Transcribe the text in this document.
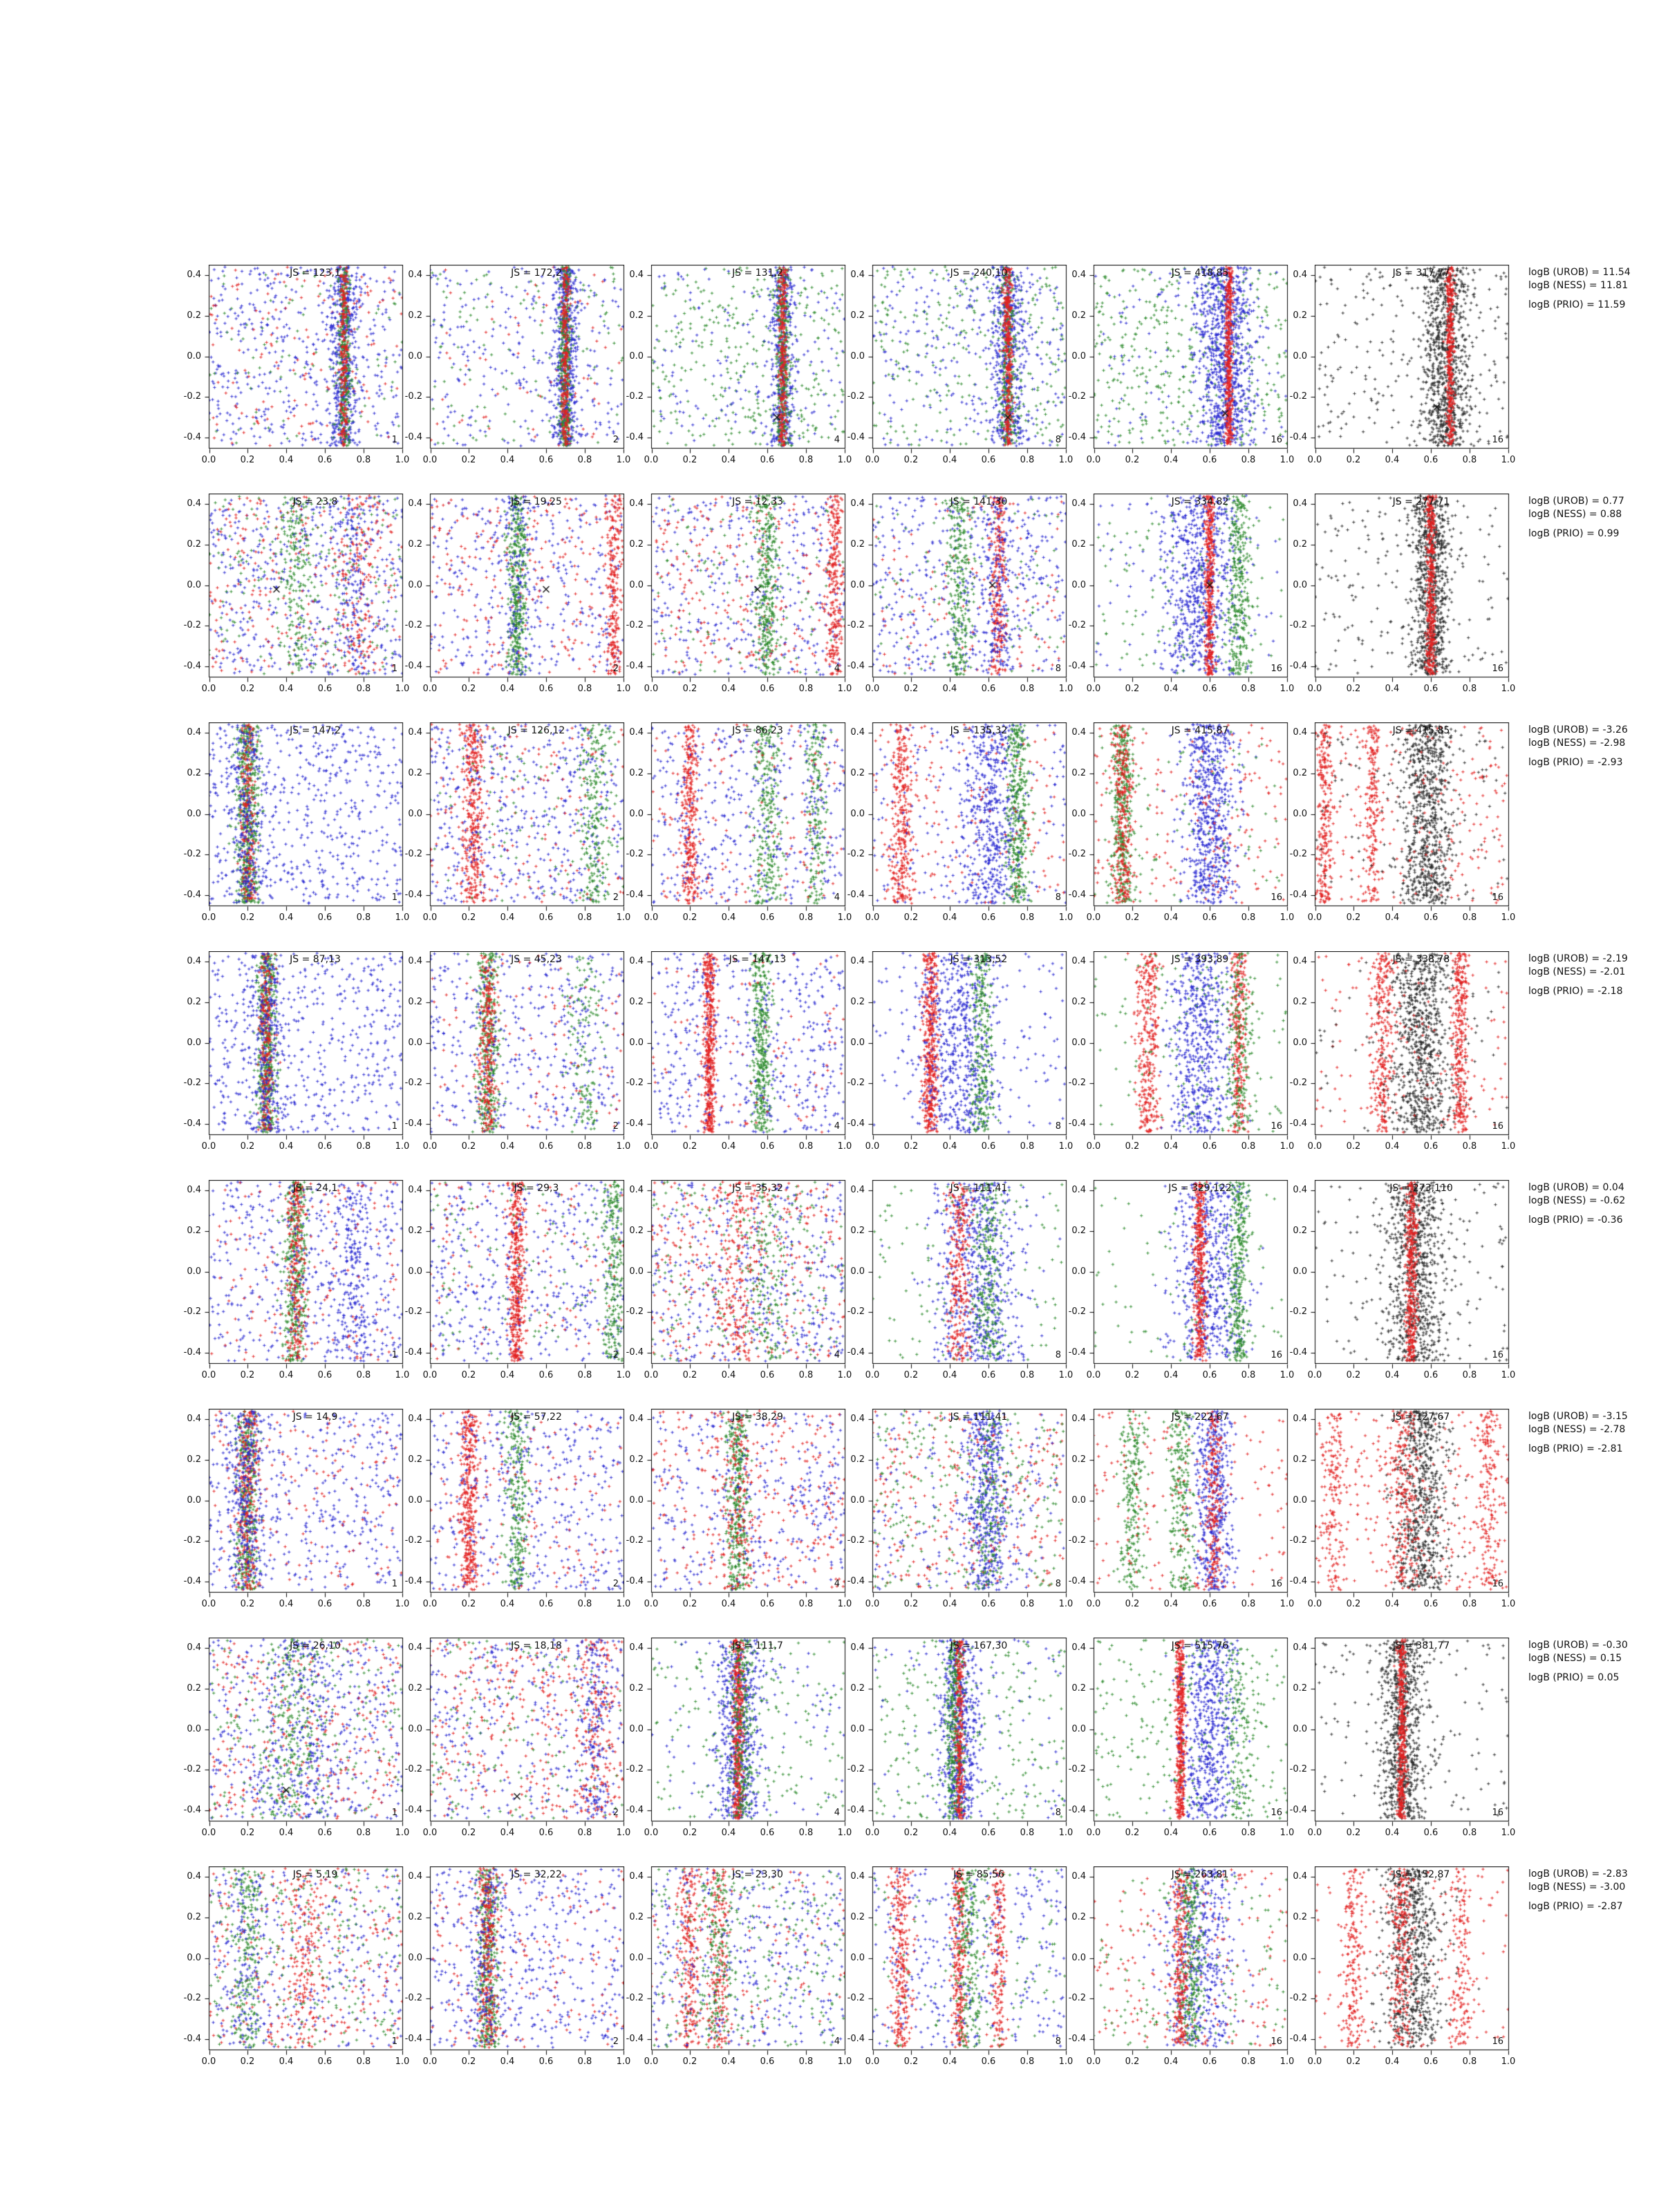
0.4
0.2
0.0
-0.2
-0.4
JS = 123,1
1
0.0	0.2	0.4	0.6	0.8	1.0
0.4
0.2
0.0
-0.2
-0.4
JS = 172,2
2
0.0	0.2	0.4	0.6	0.8	1.0
0.4
0.2
0.0
-0.2
-0.4
JS = 131,2
4
0.0	0.2	0.4	0.6	0.8	1.0
0.4
0.2
0.0
-0.2
-0.4
JS = 240,10
8
0.0	0.2	0.4	0.6	0.8	1.0
0.4
0.2
0.0
-0.2
-0.4
JS = 418,85
16
0.0	0.2	0.4	0.6	0.8	1.0
0.4
0.2
0.0
-0.2
-0.4
JS = 317,77
16
0.0	0.2	0.4	0.6	0.8	1.0
logB (UROB) = 11.54
logB (NESS) = 11.81
logB (PRIO) = 11.59
0.4
0.2
0.0
-0.2
-0.4
JS = 23,8
1
0.0	0.2	0.4	0.6	0.8	1.0
0.4
0.2
0.0
-0.2
-0.4
JS = 19,25
2
0.0	0.2	0.4	0.6	0.8	1.0
0.4
0.2
0.0
-0.2
-0.4
JS = 12,33
4
0.0	0.2	0.4	0.6	0.8	1.0
0.4
0.2
0.0
-0.2
-0.4
JS = 141,30
8
0.0	0.2	0.4	0.6	0.8	1.0
0.4
0.2
0.0
-0.2
-0.4
JS = 334,82
16
0.0	0.2	0.4	0.6	0.8	1.0
0.4
0.2
0.0
-0.2
-0.4
JS = 277,71
16
0.0	0.2	0.4	0.6	0.8	1.0
logB (UROB) = 0.77
logB (NESS) = 0.88
logB (PRIO) = 0.99
0.4
0.2
0.0
-0.2
-0.4
JS = 147,2
1
0.0	0.2	0.4	0.6	0.8	1.0
0.4
0.2
0.0
-0.2
-0.4
JS = 126,12
2
0.0	0.2	0.4	0.6	0.8	1.0
0.4
0.2
0.0
-0.2
-0.4
JS = 86,23
4
0.0	0.2	0.4	0.6	0.8	1.0
0.4
0.2
0.0
-0.2
-0.4
JS = 135,32
8
0.0	0.2	0.4	0.6	0.8	1.0
0.4
0.2
0.0
-0.2
-0.4
JS = 415,87
16
0.0	0.2	0.4	0.6	0.8	1.0
0.4
0.2
0.0
-0.2
-0.4
JS = 415,85
16
0.0	0.2	0.4	0.6	0.8	1.0
logB (UROB) = -3.26
logB (NESS) = -2.98
logB (PRIO) = -2.93
0.4
0.2
0.0
-0.2
-0.4
JS = 87,13
1
0.0	0.2	0.4	0.6	0.8	1.0
0.4
0.2
0.0
-0.2
-0.4
JS = 45,23
2
0.0	0.2	0.4	0.6	0.8	1.0
0.4
0.2
0.0
-0.2
-0.4
JS = 147,13
4
0.0	0.2	0.4	0.6	0.8	1.0
0.4
0.2
0.0
-0.2
-0.4
JS = 313,52
8
0.0	0.2	0.4	0.6	0.8	1.0
0.4
0.2
0.0
-0.2
-0.4
JS = 393,89
16
0.0	0.2	0.4	0.6	0.8	1.0
0.4
0.2
0.0
-0.2
-0.4
JS = 338,78
16
0.0	0.2	0.4	0.6	0.8	1.0
logB (UROB) = -2.19
logB (NESS) = -2.01
logB (PRIO) = -2.18
0.4
0.2
0.0
-0.2
-0.4
JS = 24,1
1
0.0	0.2	0.4	0.6	0.8	1.0
0.4
0.2
0.0
-0.2
-0.4
JS = 29,3
2
0.0	0.2	0.4	0.6	0.8	1.0
0.4
0.2
0.0
-0.2
-0.4
JS = 35,32
4
0.0	0.2	0.4	0.6	0.8	1.0
0.4
0.2
0.0
-0.2
-0.4
JS = 111,41
8
0.0	0.2	0.4	0.6	0.8	1.0
0.4
0.2
0.0
-0.2
-0.4
JS = 329,122
16
0.0	0.2	0.4	0.6	0.8	1.0
0.4
0.2
0.0
-0.2
-0.4
JS = 273,110
16
0.0	0.2	0.4	0.6	0.8	1.0
logB (UROB) = 0.04
logB (NESS) = -0.62
logB (PRIO) = -0.36
0.4
0.2
0.0
-0.2
-0.4
JS = 14,9
1
0.0	0.2	0.4	0.6	0.8	1.0
0.4
0.2
0.0
-0.2
-0.4
JS = 57,22
2
0.0	0.2	0.4	0.6	0.8	1.0
0.4
0.2
0.0
-0.2
-0.4
JS = 38,29
4
0.0	0.2	0.4	0.6	0.8	1.0
0.4
0.2
0.0
-0.2
-0.4
JS = 111,41
8
0.0	0.2	0.4	0.6	0.8	1.0
0.4
0.2
0.0
-0.2
-0.4
JS = 222,67
16
0.0	0.2	0.4	0.6	0.8	1.0
0.4
0.2
0.0
-0.2
-0.4
JS = 127,67
16
0.0	0.2	0.4	0.6	0.8	1.0
logB (UROB) = -3.15
logB (NESS) = -2.78
logB (PRIO) = -2.81
0.4
0.2
0.0
-0.2
-0.4
JS = 26,10
1
0.0	0.2	0.4	0.6	0.8	1.0
0.4
0.2
0.0
-0.2
-0.4
JS = 18,18
2
0.0	0.2	0.4	0.6	0.8	1.0
0.4
0.2
0.0
-0.2
-0.4
JS = 111,7
4
0.0	0.2	0.4	0.6	0.8	1.0
0.4
0.2
0.0
-0.2
-0.4
JS = 167,30
8
0.0	0.2	0.4	0.6	0.8	1.0
0.4
0.2
0.0
-0.2
-0.4
JS = 515,76
16
0.0	0.2	0.4	0.6	0.8	1.0
0.4
0.2
0.0
-0.2
-0.4
JS = 381,77
16
0.0	0.2	0.4	0.6	0.8	1.0
logB (UROB) = -0.30
logB (NESS) = 0.15
logB (PRIO) = 0.05
0.4
0.2
0.0
-0.2
-0.4
JS = 5,19
1
0.0	0.2	0.4	0.6	0.8	1.0
0.4
0.2
0.0
-0.2
-0.4
JS = 32,22
2
0.0	0.2	0.4	0.6	0.8	1.0
0.4
0.2
0.0
-0.2
-0.4
JS = 23,30
4
0.0	0.2	0.4	0.6	0.8	1.0
0.4
0.2
0.0
-0.2
-0.4
JS = 85,56
8
0.0	0.2	0.4	0.6	0.8	1.0
0.4
0.2
0.0
-0.2
-0.4
JS = 263,81
16
0.0	0.2	0.4	0.6	0.8	1.0
0.4
0.2
0.0
-0.2
-0.4
JS = 152,87
16
0.0	0.2	0.4	0.6	0.8	1.0
logB (UROB) = -2.83
logB (NESS) = -3.00
logB (PRIO) = -2.87
